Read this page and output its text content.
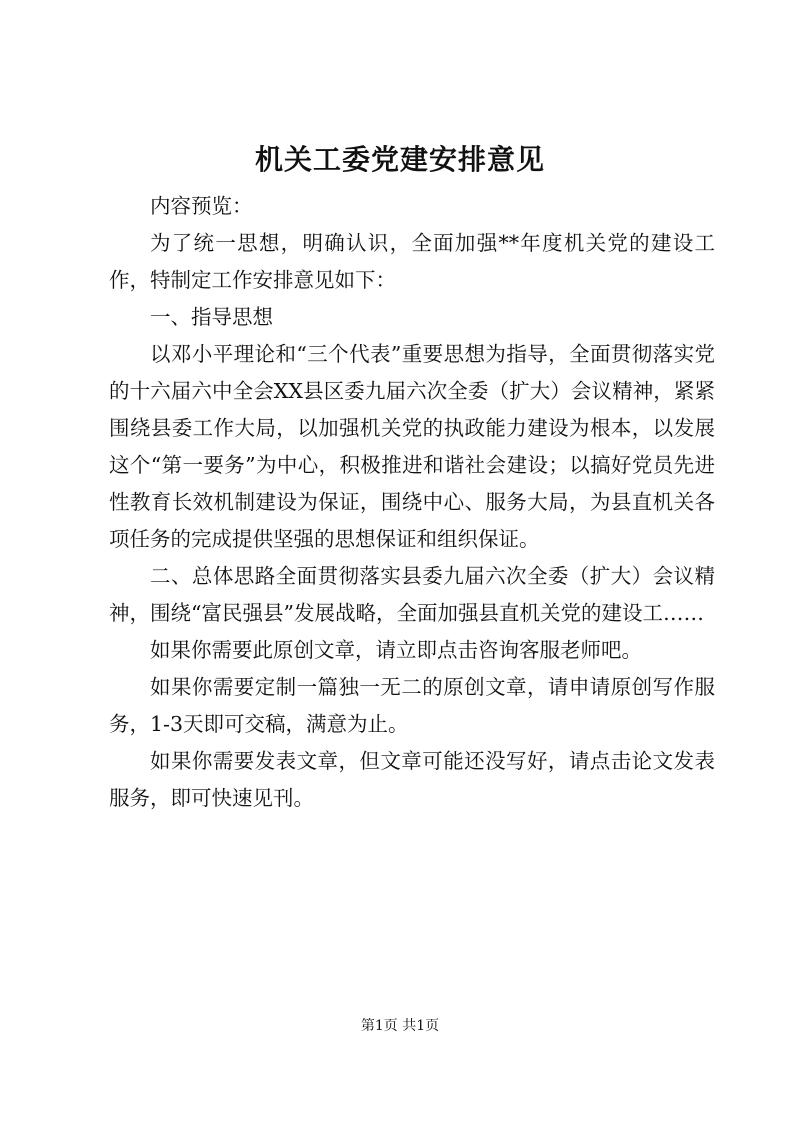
机关工委党建安排意见

内容预览：

为了统一思想，明确认识，全面加强**年度机关党的建设工作，特制定工作安排意见如下：

一、指导思想

以邓小平理论和“三个代表”重要思想为指导，全面贯彻落实党的十六届六中全会XX县区委九届六次全委（扩大）会议精神，紧紧围绕县委工作大局，以加强机关党的执政能力建设为根本，以发展这个“第一要务”为中心，积极推进和谐社会建设；以搞好党员先进性教育长效机制建设为保证，围绕中心、服务大局，为县直机关各项任务的完成提供坚强的思想保证和组织保证。

二、总体思路全面贯彻落实县委九届六次全委（扩大）会议精神，围绕“富民强县”发展战略，全面加强县直机关党的建设工……

如果你需要此原创文章，请立即点击咨询客服老师吧。

如果你需要定制一篇独一无二的原创文章，请申请原创写作服务，1-3天即可交稿，满意为止。

如果你需要发表文章，但文章可能还没写好，请点击论文发表服务，即可快速见刊。

第1页 共1页
